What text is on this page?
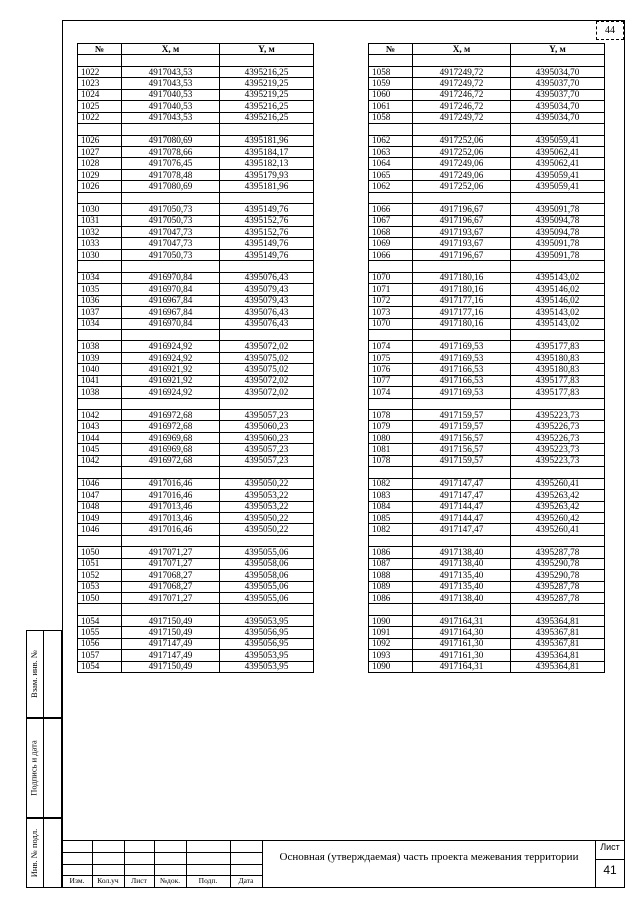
44
№	X, м	Y, м

1022	4917043,53	4395216,25
1023	4917043,53	4395219,25
1024	4917040,53	4395219,25
1025	4917040,53	4395216,25
1022	4917043,53	4395216,25

1026	4917080,69	4395181,96
1027	4917078,66	4395184,17
1028	4917076,45	4395182,13
1029	4917078,48	4395179,93
1026	4917080,69	4395181,96

1030	4917050,73	4395149,76
1031	4917050,73	4395152,76
1032	4917047,73	4395152,76
1033	4917047,73	4395149,76
1030	4917050,73	4395149,76

1034	4916970,84	4395076,43
1035	4916970,84	4395079,43
1036	4916967,84	4395079,43
1037	4916967,84	4395076,43
1034	4916970,84	4395076,43

1038	4916924,92	4395072,02
1039	4916924,92	4395075,02
1040	4916921,92	4395075,02
1041	4916921,92	4395072,02
1038	4916924,92	4395072,02

1042	4916972,68	4395057,23
1043	4916972,68	4395060,23
1044	4916969,68	4395060,23
1045	4916969,68	4395057,23
1042	4916972,68	4395057,23

1046	4917016,46	4395050,22
1047	4917016,46	4395053,22
1048	4917013,46	4395053,22
1049	4917013,46	4395050,22
1046	4917016,46	4395050,22

1050	4917071,27	4395055,06
1051	4917071,27	4395058,06
1052	4917068,27	4395058,06
1053	4917068,27	4395055,06
1050	4917071,27	4395055,06

1054	4917150,49	4395053,95
1055	4917150,49	4395056,95
1056	4917147,49	4395056,95
1057	4917147,49	4395053,95
1054	4917150,49	4395053,95
№	X, м	Y, м

1058	4917249,72	4395034,70
1059	4917249,72	4395037,70
1060	4917246,72	4395037,70
1061	4917246,72	4395034,70
1058	4917249,72	4395034,70

1062	4917252,06	4395059,41
1063	4917252,06	4395062,41
1064	4917249,06	4395062,41
1065	4917249,06	4395059,41
1062	4917252,06	4395059,41

1066	4917196,67	4395091,78
1067	4917196,67	4395094,78
1068	4917193,67	4395094,78
1069	4917193,67	4395091,78
1066	4917196,67	4395091,78

1070	4917180,16	4395143,02
1071	4917180,16	4395146,02
1072	4917177,16	4395146,02
1073	4917177,16	4395143,02
1070	4917180,16	4395143,02

1074	4917169,53	4395177,83
1075	4917169,53	4395180,83
1076	4917166,53	4395180,83
1077	4917166,53	4395177,83
1074	4917169,53	4395177,83

1078	4917159,57	4395223,73
1079	4917159,57	4395226,73
1080	4917156,57	4395226,73
1081	4917156,57	4395223,73
1078	4917159,57	4395223,73

1082	4917147,47	4395260,41
1083	4917147,47	4395263,42
1084	4917144,47	4395263,42
1085	4917144,47	4395260,42
1082	4917147,47	4395260,41

1086	4917138,40	4395287,78
1087	4917138,40	4395290,78
1088	4917135,40	4395290,78
1089	4917135,40	4395287,78
1086	4917138,40	4395287,78

1090	4917164,31	4395364,81
1091	4917164,30	4395367,81
1092	4917161,30	4395367,81
1093	4917161,30	4395364,81
1090	4917164,31	4395364,81
Взам. инв. №
Подпись и дата
Инв. № подл.
Изм.	Кол.уч	Лист	№док.	Подп.	Дата
Основная (утверждаемая) часть проекта межевания территории
Лист
41
